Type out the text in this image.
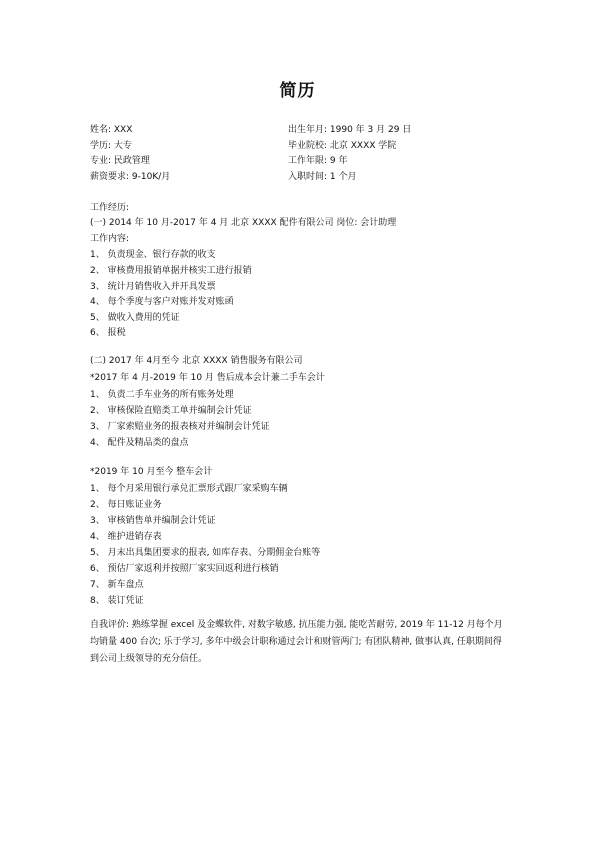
简历
姓名: XXX	出生年月: 1990 年 3 月 29 日
学历: 大专	毕业院校: 北京 XXXX 学院
专业: 民政管理	工作年限: 9 年
薪资要求: 9-10K/月	入职时间: 1 个月
工作经历:
(一) 2014 年 10 月-2017 年 4 月 北京 XXXX 配件有限公司 岗位: 会计助理
工作内容:
1、 负责现金、银行存款的收支
2、 审核费用报销单据并核实工进行报销
3、 统计月销售收入并开具发票
4、 每个季度与客户对账并发对账函
5、 做收入费用的凭证
6、 报税
(二) 2017 年 4月至今 北京 XXXX 销售服务有限公司
*2017 年 4 月-2019 年 10 月 售后成本会计兼二手车会计
1、 负责二手车业务的所有账务处理
2、 审核保险直赔类工单并编制会计凭证
3、 厂家索赔业务的报表核对并编制会计凭证
4、 配件及精品类的盘点
*2019 年 10 月至今 整车会计
1、 每个月采用银行承兑汇票形式跟厂家采购车辆
2、 每日账证业务
3、 审核销售单并编制会计凭证
4、 维护进销存表
5、 月末出具集团要求的报表, 如库存表、分期佣金台账等
6、 预估厂家返利并按照厂家实回返利进行核销
7、 新车盘点
8、 装订凭证
自我评价: 熟练掌握 excel 及金蝶软件, 对数字敏感, 抗压能力强, 能吃苦耐劳, 2019 年 11-12 月每个月均销量 400 台次; 乐于学习, 多年中级会计职称通过会计和财管两门; 有团队精神, 做事认真, 任职期间得到公司上级领导的充分信任。
